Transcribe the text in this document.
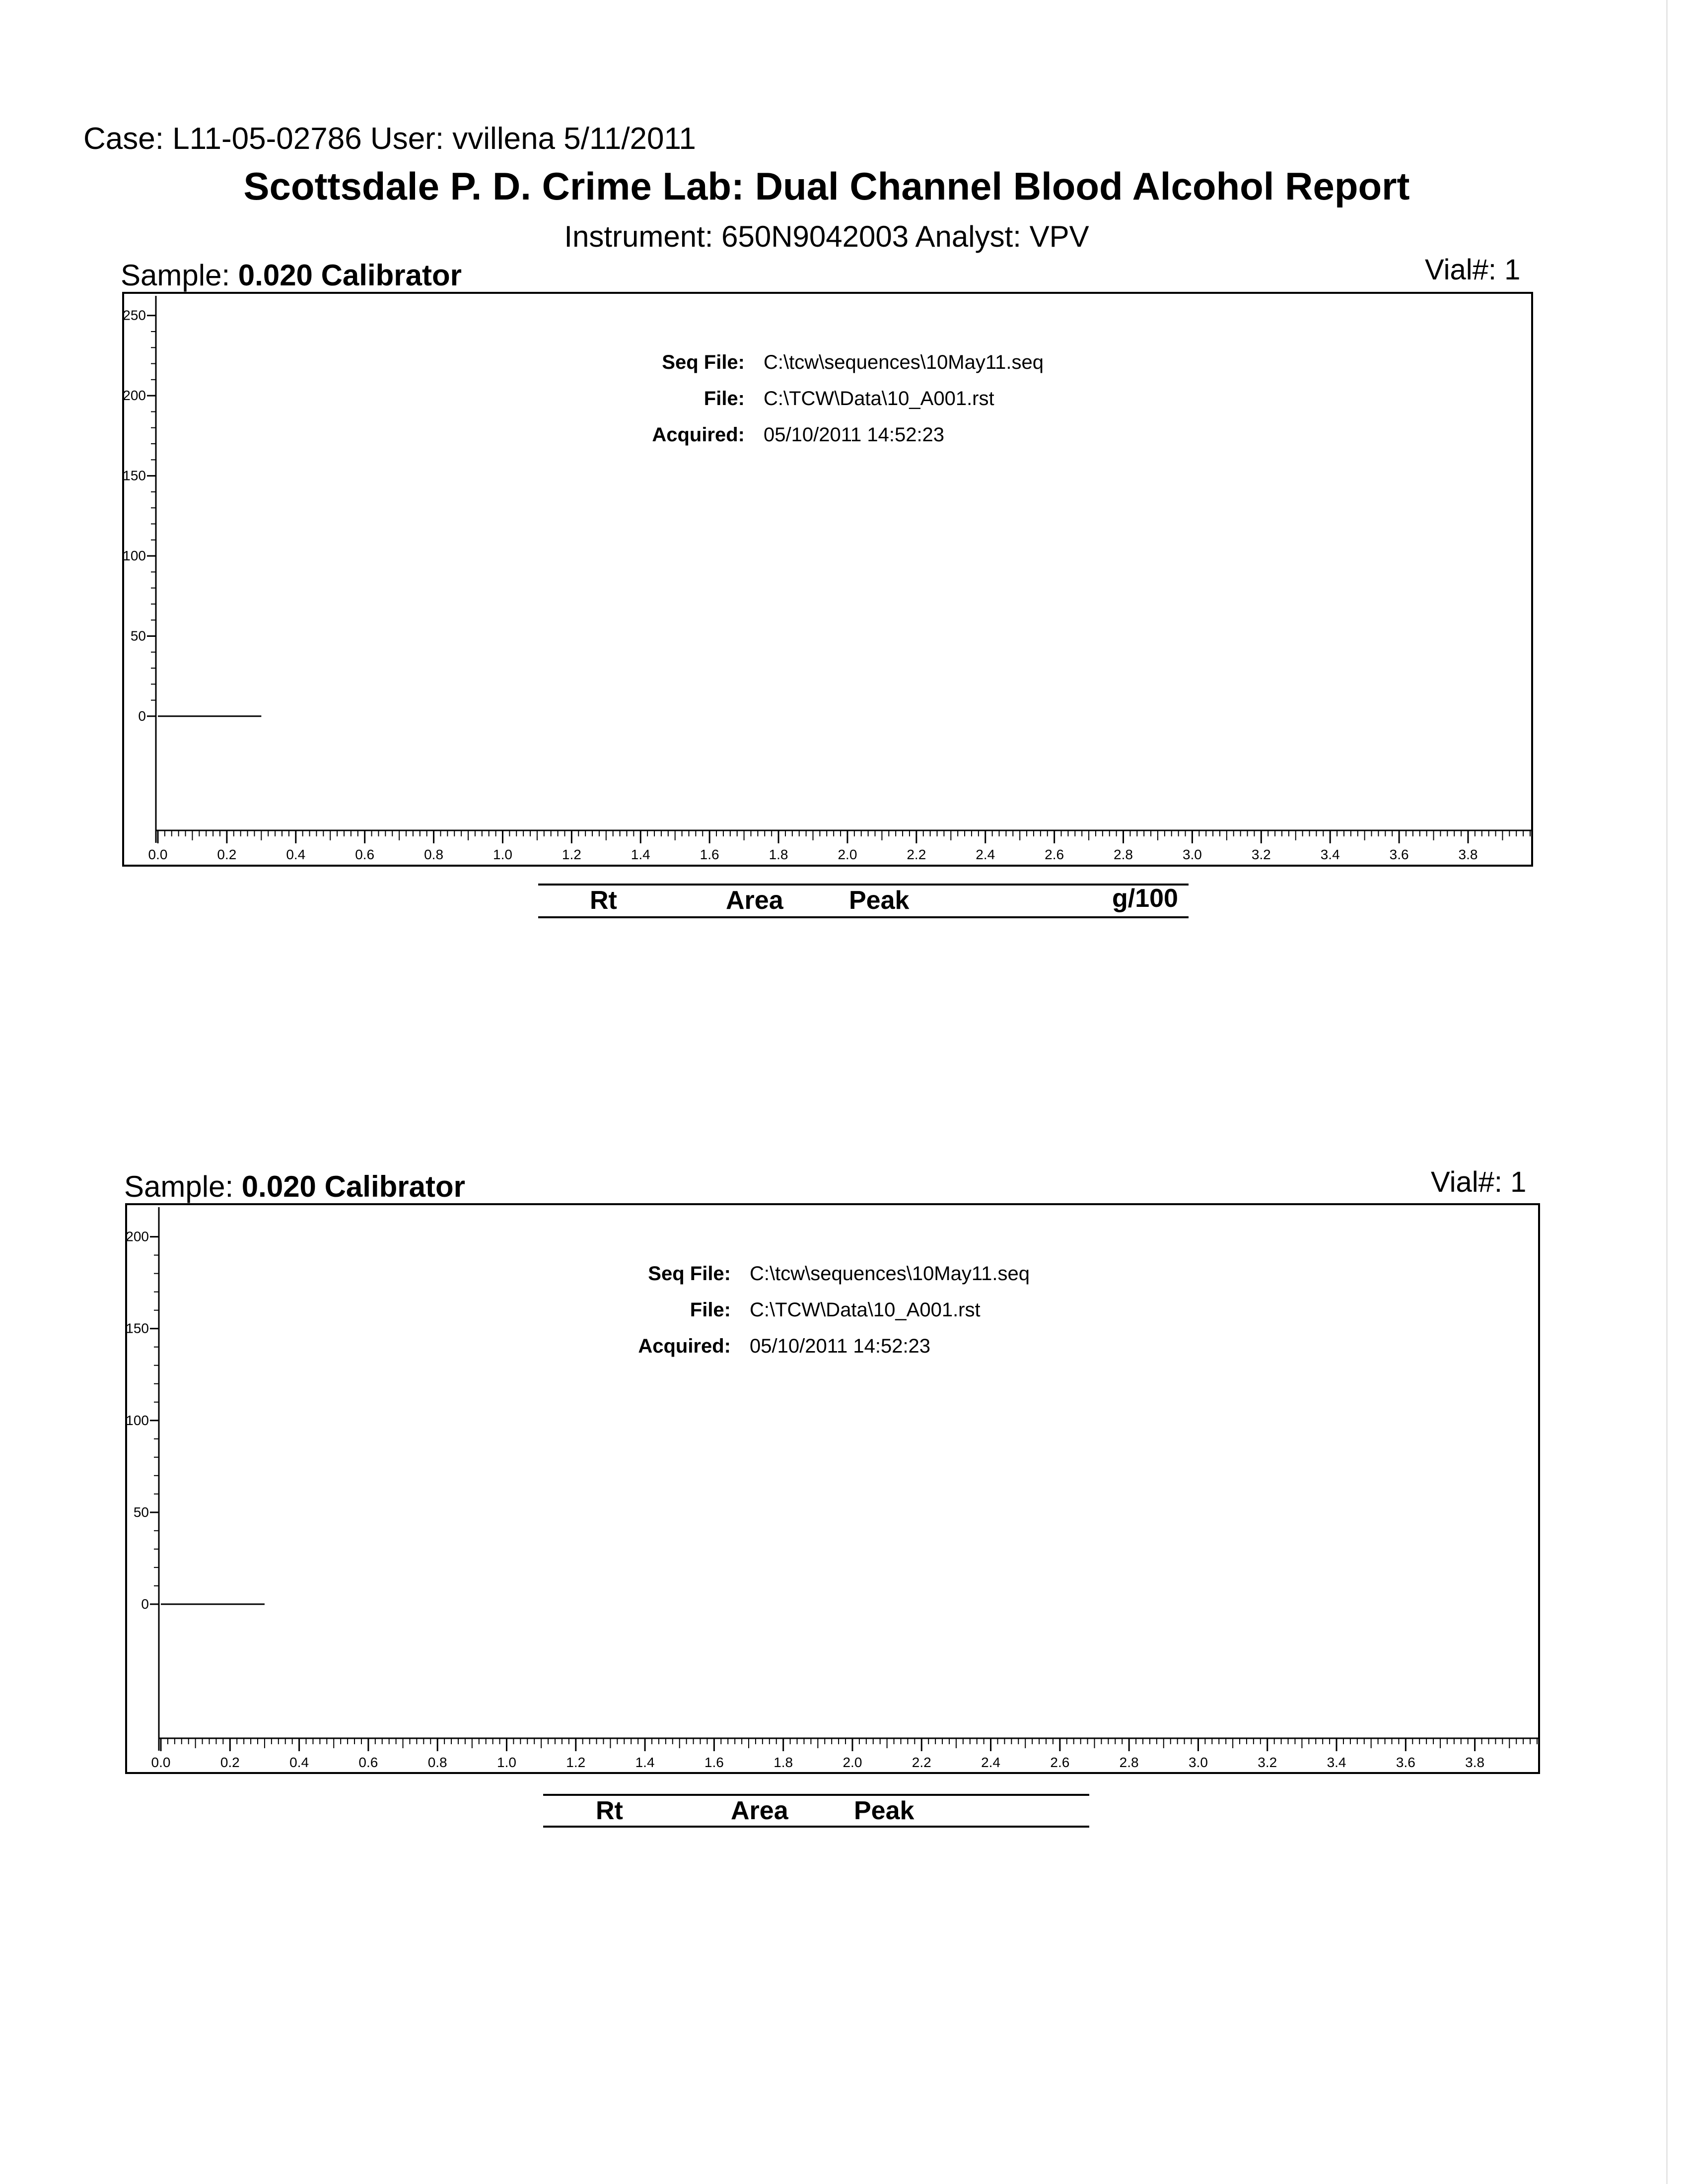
Case: L11-05-02786 User: vvillena 5/11/2011
Scottsdale P. D. Crime Lab: Dual Channel Blood Alcohol Report
Instrument: 650N9042003 Analyst: VPV
Sample: 0.020 Calibrator	Vial#: 1
250
200
150
100
50
0
0.0	0.2	0.4	0.6	0.8	1.0	1.2	1.4	1.6	1.8	2.0	2.2	2.4	2.6	2.8	3.0	3.2	3.4	3.6	3.8
Seq File: C:\tcw\sequences\10May11.seq
File: C:\TCW\Data\10_A001.rst
Acquired: 05/10/2011 14:52:23
Rt	Area	Peak	g/100
Sample: 0.020 Calibrator	Vial#: 1
200
150
100
50
0
0.0	0.2	0.4	0.6	0.8	1.0	1.2	1.4	1.6	1.8	2.0	2.2	2.4	2.6	2.8	3.0	3.2	3.4	3.6	3.8
Seq File: C:\tcw\sequences\10May11.seq
File: C:\TCW\Data\10_A001.rst
Acquired: 05/10/2011 14:52:23
Rt	Area	Peak
